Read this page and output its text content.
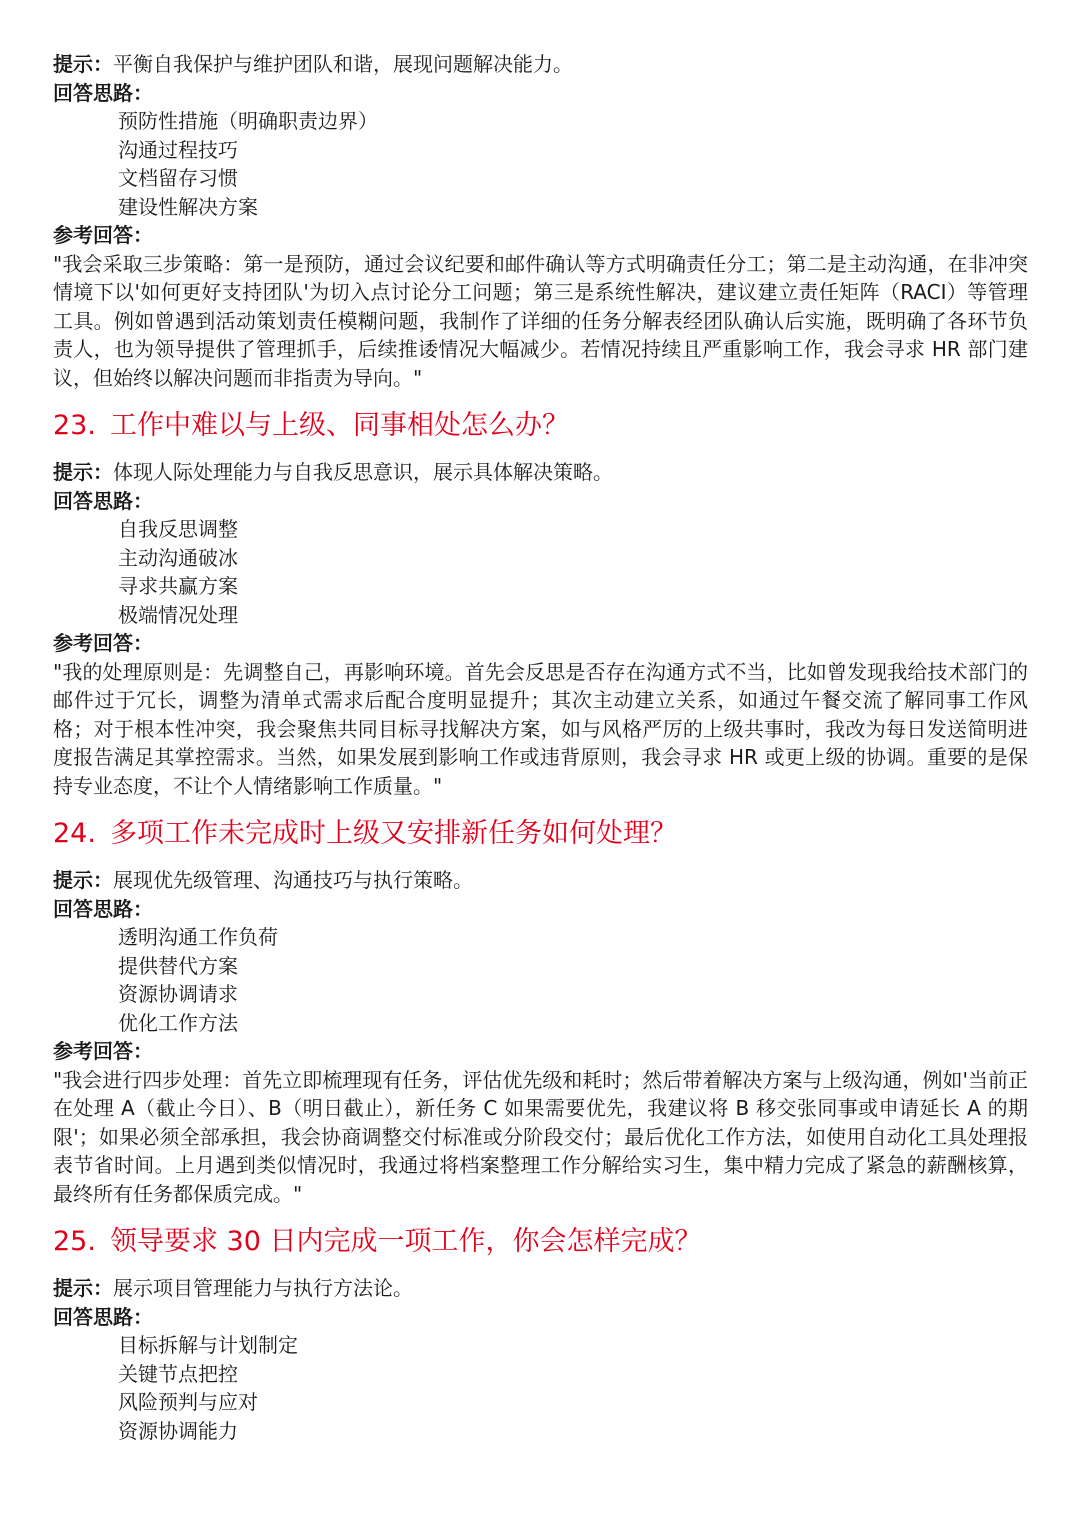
提示：平衡自我保护与维护团队和谐，展现问题解决能力。
回答思路：
预防性措施（明确职责边界）
沟通过程技巧
文档留存习惯
建设性解决方案
参考回答：
"我会采取三步策略：第一是预防，通过会议纪要和邮件确认等方式明确责任分工；第二是主动沟通，在非冲突情境下以'如何更好支持团队'为切入点讨论分工问题；第三是系统性解决，建议建立责任矩阵（RACI）等管理工具。例如曾遇到活动策划责任模糊问题，我制作了详细的任务分解表经团队确认后实施，既明确了各环节负责人，也为领导提供了管理抓手，后续推诿情况大幅减少。若情况持续且严重影响工作，我会寻求 HR 部门建议，但始终以解决问题而非指责为导向。"
23. 工作中难以与上级、同事相处怎么办？
提示：体现人际处理能力与自我反思意识，展示具体解决策略。
回答思路：
自我反思调整
主动沟通破冰
寻求共赢方案
极端情况处理
参考回答：
"我的处理原则是：先调整自己，再影响环境。首先会反思是否存在沟通方式不当，比如曾发现我给技术部门的邮件过于冗长，调整为清单式需求后配合度明显提升；其次主动建立关系，如通过午餐交流了解同事工作风格；对于根本性冲突，我会聚焦共同目标寻找解决方案，如与风格严厉的上级共事时，我改为每日发送简明进度报告满足其掌控需求。当然，如果发展到影响工作或违背原则，我会寻求 HR 或更上级的协调。重要的是保持专业态度，不让个人情绪影响工作质量。"
24. 多项工作未完成时上级又安排新任务如何处理？
提示：展现优先级管理、沟通技巧与执行策略。
回答思路：
透明沟通工作负荷
提供替代方案
资源协调请求
优化工作方法
参考回答：
"我会进行四步处理：首先立即梳理现有任务，评估优先级和耗时；然后带着解决方案与上级沟通，例如'当前正在处理 A（截止今日）、B（明日截止），新任务 C 如果需要优先，我建议将 B 移交张同事或申请延长 A 的期限'；如果必须全部承担，我会协商调整交付标准或分阶段交付；最后优化工作方法，如使用自动化工具处理报表节省时间。上月遇到类似情况时，我通过将档案整理工作分解给实习生，集中精力完成了紧急的薪酬核算，最终所有任务都保质完成。"
25. 领导要求 30 日内完成一项工作，你会怎样完成？
提示：展示项目管理能力与执行方法论。
回答思路：
目标拆解与计划制定
关键节点把控
风险预判与应对
资源协调能力
